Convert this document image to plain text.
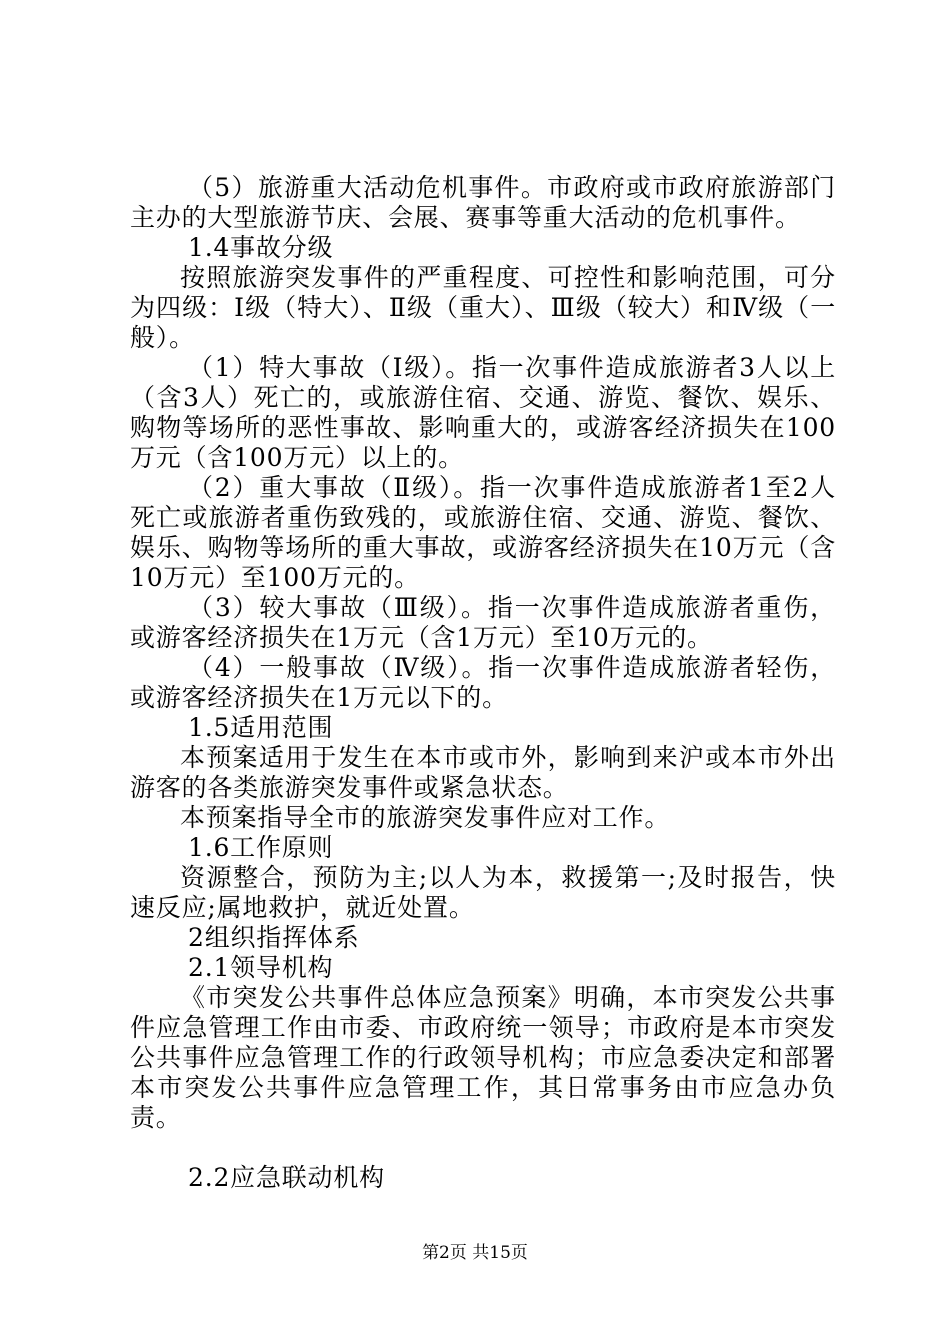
（5）旅游重大活动危机事件。市政府或市政府旅游部门主办的大型旅游节庆、会展、赛事等重大活动的危机事件。

1.4事故分级

按照旅游突发事件的严重程度、可控性和影响范围，可分为四级：Ⅰ级（特大）、Ⅱ级（重大）、Ⅲ级（较大）和Ⅳ级（一般）。

（1）特大事故（Ⅰ级）。指一次事件造成旅游者3人以上（含3人）死亡的，或旅游住宿、交通、游览、餐饮、娱乐、购物等场所的恶性事故、影响重大的，或游客经济损失在100万元（含100万元）以上的。

（2）重大事故（Ⅱ级）。指一次事件造成旅游者1至2人死亡或旅游者重伤致残的，或旅游住宿、交通、游览、餐饮、娱乐、购物等场所的重大事故，或游客经济损失在10万元（含10万元）至100万元的。

（3）较大事故（Ⅲ级）。指一次事件造成旅游者重伤，或游客经济损失在1万元（含1万元）至10万元的。

（4）一般事故（Ⅳ级）。指一次事件造成旅游者轻伤，或游客经济损失在1万元以下的。

1.5适用范围

本预案适用于发生在本市或市外，影响到来沪或本市外出游客的各类旅游突发事件或紧急状态。

本预案指导全市的旅游突发事件应对工作。

1.6工作原则

资源整合，预防为主;以人为本，救援第一;及时报告，快速反应;属地救护，就近处置。

2组织指挥体系

2.1领导机构

《市突发公共事件总体应急预案》明确，本市突发公共事件应急管理工作由市委、市政府统一领导；市政府是本市突发公共事件应急管理工作的行政领导机构；市应急委决定和部署本市突发公共事件应急管理工作，其日常事务由市应急办负责。

2.2应急联动机构

第2页 共15页
